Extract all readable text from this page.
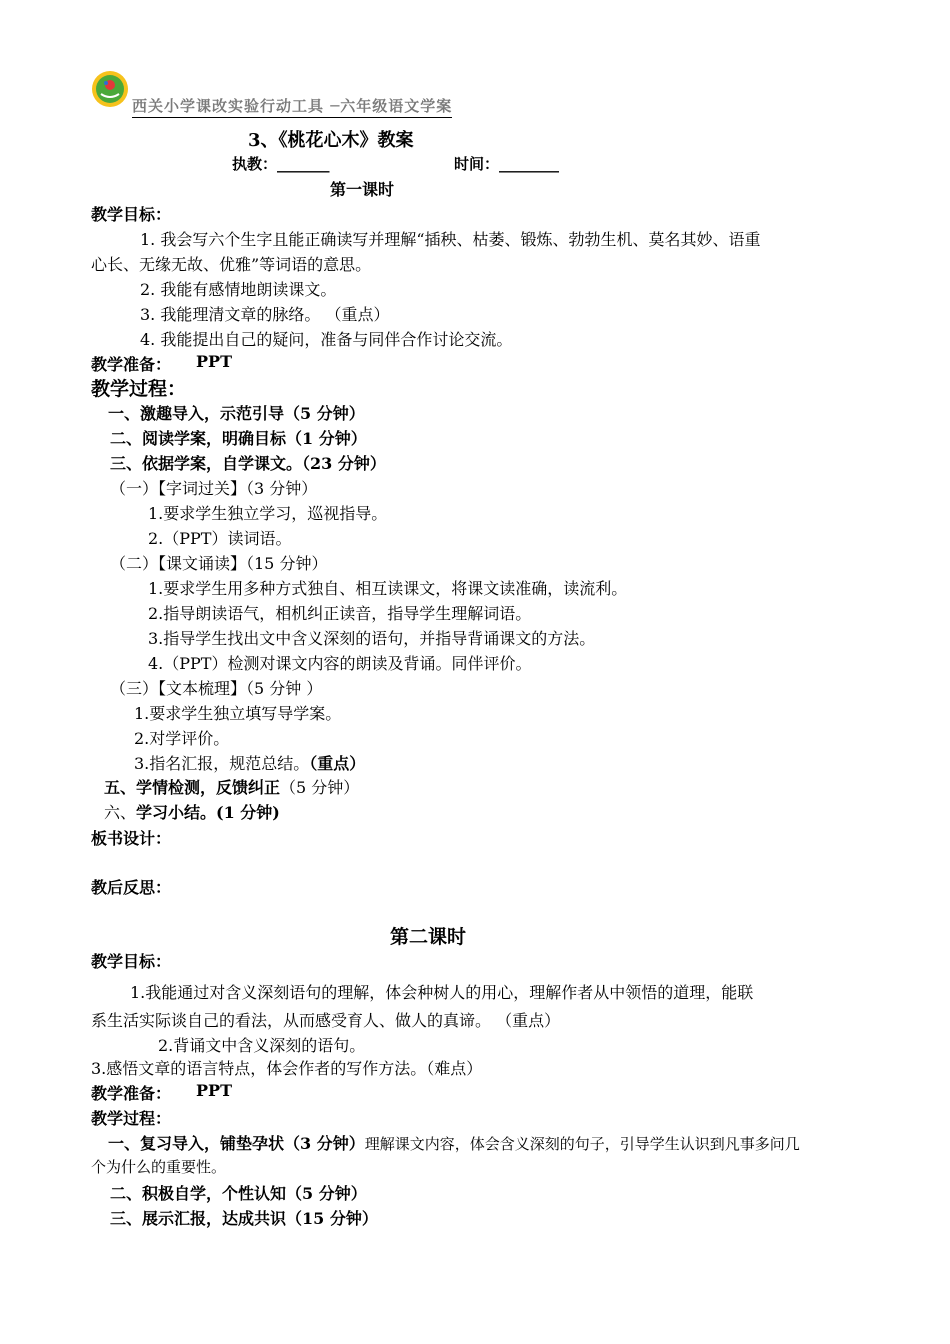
西关小学课改实验行动工具 ─六年级语文学案
3、《桃花心木》教案
执教：_______	时间：________
第一课时
教学目标：
1. 我会写六个生字且能正确读写并理解“插秧、枯萎、锻炼、勃勃生机、莫名其妙、语重
心长、无缘无故、优雅”等词语的意思。
2. 我能有感情地朗读课文。
3. 我能理清文章的脉络。 （重点）
4. 我能提出自己的疑问，准备与同伴合作讨论交流。
教学准备： PPT
教学过程：
一、激趣导入，示范引导（5 分钟）
二、阅读学案，明确目标（1 分钟）
三、依据学案，自学课文。（23 分钟）
（一）【字词过关】（3 分钟）
1.要求学生独立学习，巡视指导。
2.（PPT）读词语。
（二）【课文诵读】（15 分钟）
1.要求学生用多种方式独自、相互读课文，将课文读准确，读流利。
2.指导朗读语气，相机纠正读音，指导学生理解词语。
3.指导学生找出文中含义深刻的语句，并指导背诵课文的方法。
4.（PPT）检测对课文内容的朗读及背诵。同伴评价。
（三）【文本梳理】（5 分钟 ）
1.要求学生独立填写导学案。
2.对学评价。
3.指名汇报，规范总结。（重点）
五、学情检测，反馈纠正（5 分钟）
六、学习小结。(1 分钟)
板书设计：
教后反思：
第二课时
教学目标：
1.我能通过对含义深刻语句的理解，体会种树人的用心，理解作者从中领悟的道理，能联
系生活实际谈自己的看法，从而感受育人、做人的真谛。 （重点）
2.背诵文中含义深刻的语句。
3.感悟文章的语言特点，体会作者的写作方法。（难点）
教学准备： PPT
教学过程：
一、复习导入，铺垫孕状（3 分钟）理解课文内容，体会含义深刻的句子，引导学生认识到凡事多问几
个为什么的重要性。
二、积极自学，个性认知（5 分钟）
三、展示汇报，达成共识（15 分钟）
